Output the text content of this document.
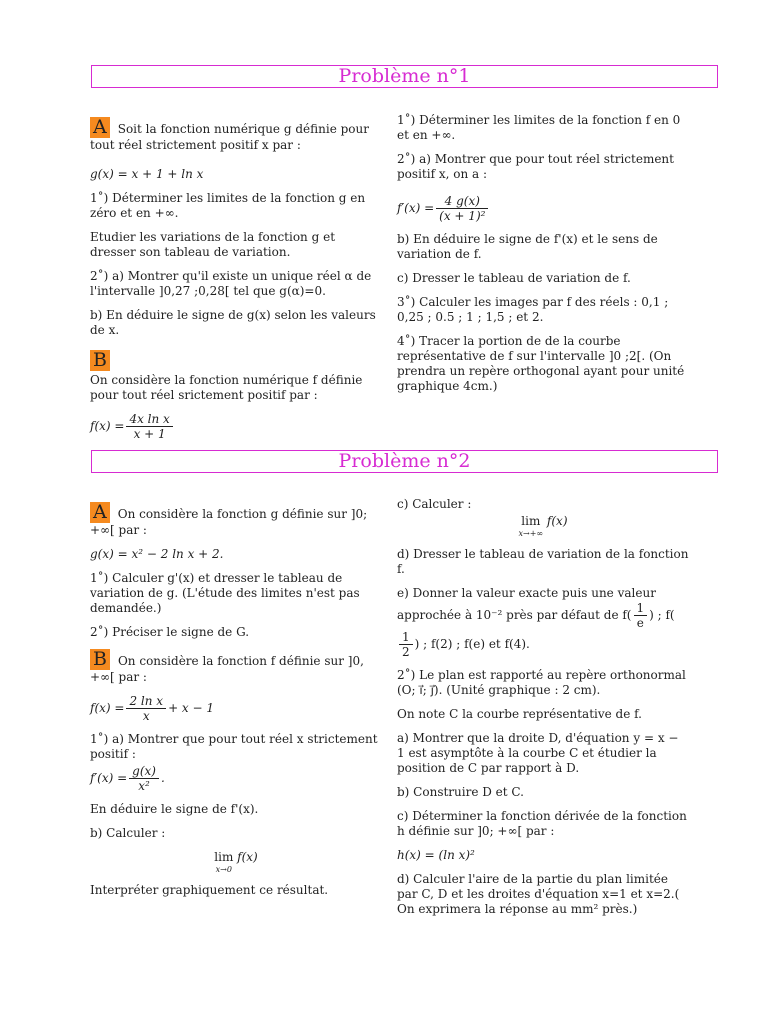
Problème n°1

A Soit la fonction numérique g définie pour tout réel strictement positif x par :

g(x) = x + 1 + ln x

1˚) Déterminer les limites de la fonction g en zéro et en +∞.

Etudier les variations de la fonction g et dresser son tableau de variation.

2˚) a) Montrer qu'il existe un unique réel α de l'intervalle ]0,27 ;0,28[ tel que g(α)=0.

b) En déduire le signe de g(x) selon les valeurs de x.

B

On considère la fonction numérique f définie pour tout réel srictement positif par :

$f(x) = \frac{\text{4x ln x}}{x + 1}$

1˚) Déterminer les limites de la fonction f en 0 et en +∞.

2˚) a) Montrer que pour tout réel strictement positif x, on a :

$f'(x) = \frac{4 g(x)}{\text{(x + 1)²}}$

b) En déduire le signe de f'(x) et le sens de variation de f.

c) Dresser le tableau de variation de f.

3˚) Calculer les images par f des réels : 0,1 ; 0,25 ; 0.5 ; 1 ; 1,5 ; et 2.

4˚) Tracer la portion de de la courbe représentative de f sur l'intervalle ]0 ;2[. (On prendra un repère orthogonal ayant pour unité graphique 4cm.)

Problème n°2

A On considère la fonction g définie sur ]0; +∞[ par :

g(x) = x² − 2 ln x + 2.

1˚) Calculer g'(x) et dresser le tableau de variation de g. (L'étude des limites n'est pas demandée.)

2˚) Préciser le signe de G.

B On considère la fonction f définie sur ]0, +∞[ par :

$f(x) = \frac{\text{2 ln x}}{x} + x - 1$

1˚) a) Montrer que pour tout réel x strictement positif :

$f'(x) = \frac{g(x)}{\text{x²}}$ .

En déduire le signe de f'(x).

b) Calculer :

lim
x→0
f(x)

Interpréter graphiquement ce résultat.

c) Calculer :

lim
x→+∞
f(x)

d) Dresser le tableau de variation de la fonction f.

e) Donner la valeur exacte puis une valeur approchée à 10⁻² près par défaut de $f( \frac{1}{e}$ ) ; f(
$\frac{1}{2}$ ) ; f(2) ; f(e) et f(4).

2˚) Le plan est rapporté au repère orthonormal (O; i⃗; j⃗). (Unité graphique : 2 cm).

On note C la courbe représentative de f.

a) Montrer que la droite D, d'équation y = x − 1 est asymptôte à la courbe C et étudier la position de C par rapport à D.

b) Construire D et C.

c) Déterminer la fonction dérivée de la fonction h définie sur ]0; +∞[ par :

h(x) = (ln x)²

d) Calculer l'aire de la partie du plan limitée par C, D et les droites d'équation x=1 et x=2.( On exprimera la réponse au mm² près.)
